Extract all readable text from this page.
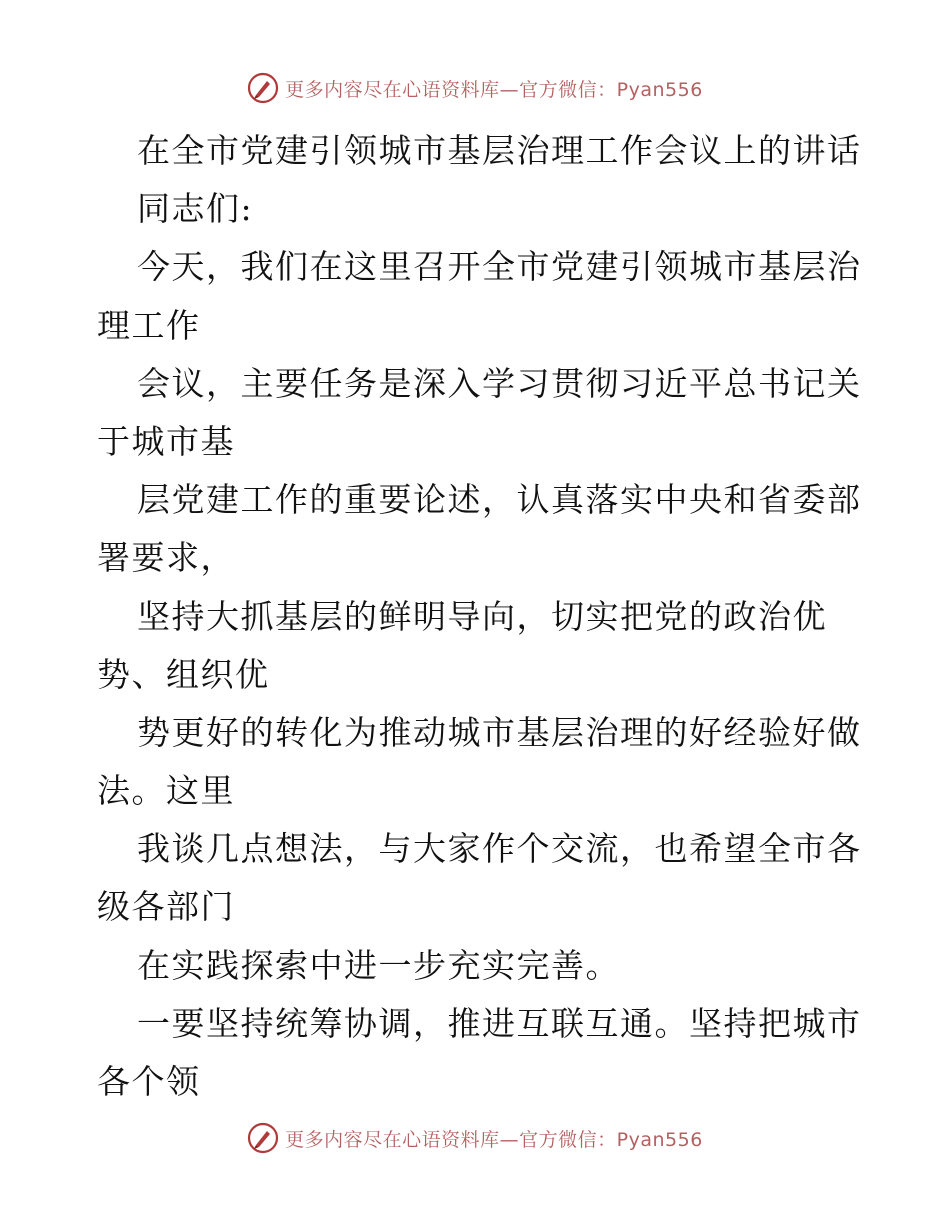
更多内容尽在心语资料库—官方微信：Pyan556

在全市党建引领城市基层治理工作会议上的讲话

同志们:

今天，我们在这里召开全市党建引领城市基层治

理工作

会议，主要任务是深入学习贯彻习近平总书记关

于城市基

层党建工作的重要论述，认真落实中央和省委部

署要求，

坚持大抓基层的鲜明导向，切实把党的政治优

势、组织优

势更好的转化为推动城市基层治理的好经验好做

法。这里

我谈几点想法，与大家作个交流，也希望全市各

级各部门

在实践探索中进一步充实完善。

一要坚持统筹协调，推进互联互通。坚持把城市

各个领

更多内容尽在心语资料库—官方微信：Pyan556
